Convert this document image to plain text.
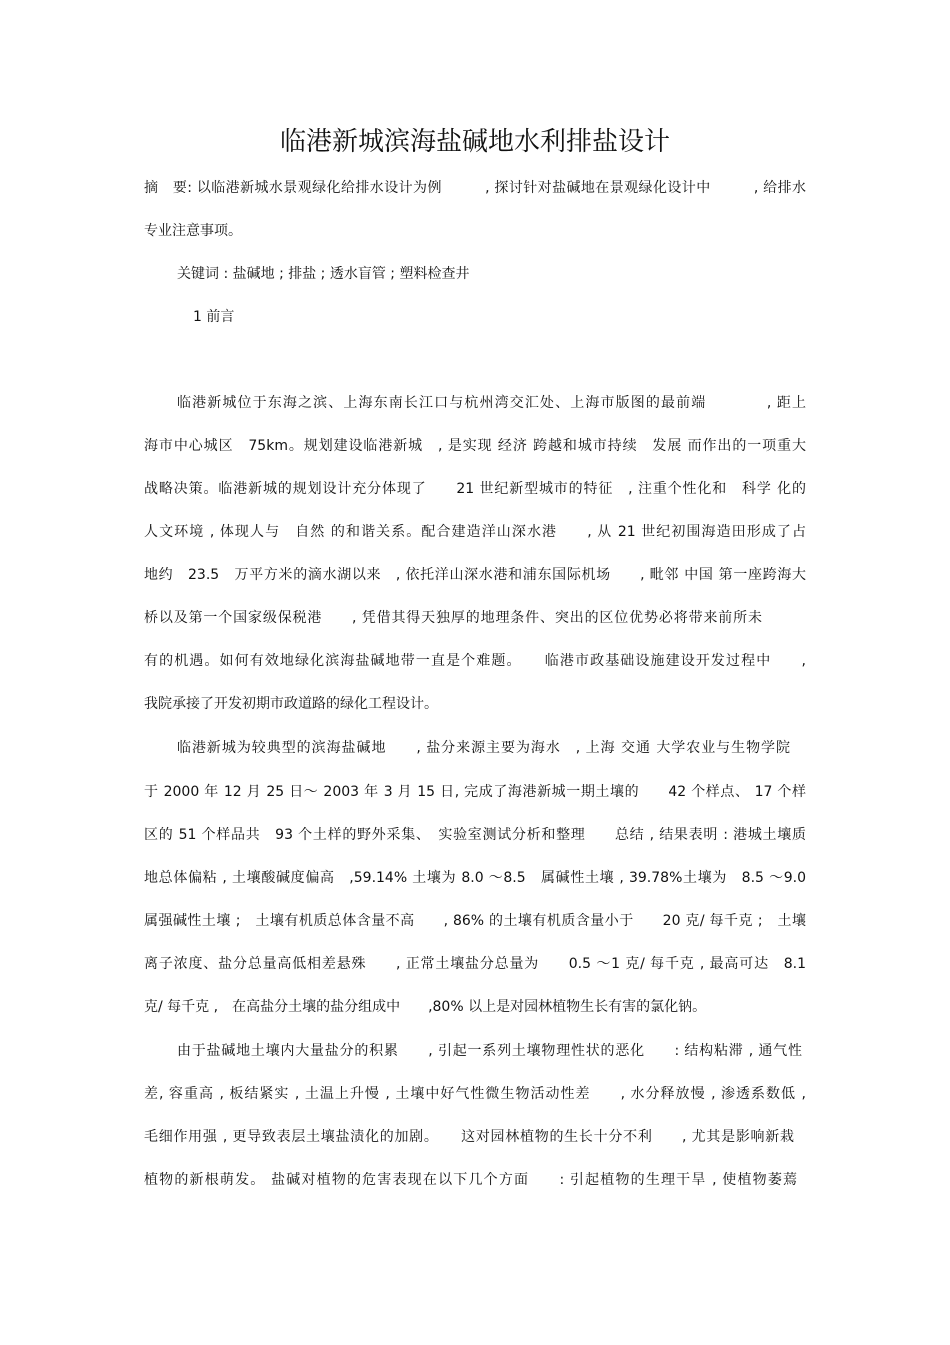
临港新城滨海盐碱地水利排盐设计
摘　要: 以临港新城水景观绿化给排水设计为例　　　, 探讨针对盐碱地在景观绿化设计中　　　, 给排水
专业注意事项。
关键词 : 盐碱地 ; 排盐 ; 透水盲管 ; 塑料检查井
1 前言
临港新城位于东海之滨、上海东南长江口与杭州湾交汇处、上海市版图的最前端　　　　, 距上
海市中心城区　75km。规划建设临港新城　, 是实现 经济 跨越和城市持续　发展 而作出的一项重大
战略决策。临港新城的规划设计充分体现了　　21 世纪新型城市的特征　, 注重个性化和　科学 化的
人文环境 , 体现人与　自然 的和谐关系。配合建造洋山深水港　　, 从 21 世纪初围海造田形成了占
地约　23.5　万平方米的滴水湖以来　, 依托洋山深水港和浦东国际机场　　, 毗邻 中国 第一座跨海大
桥以及第一个国家级保税港　　, 凭借其得天独厚的地理条件、突出的区位优势必将带来前所未
有的机遇。如何有效地绿化滨海盐碱地带一直是个难题。　　临港市政基础设施建设开发过程中　　,
我院承接了开发初期市政道路的绿化工程设计。
临港新城为较典型的滨海盐碱地　　, 盐分来源主要为海水　, 上海 交通 大学农业与生物学院
于 2000 年 12 月 25 日～ 2003 年 3 月 15 日, 完成了海港新城一期土壤的　　42 个样点、 17 个样
区的 51 个样品共　93 个土样的野外采集、　实验室测试分析和整理　　总结 , 结果表明 : 港城土壤质
地总体偏粘 , 土壤酸碱度偏高　,59.14% 土壤为 8.0 ～8.5　属碱性土壤 , 39.78%土壤为　8.5 ～9.0
属强碱性土壤 ;　土壤有机质总体含量不高　　, 86% 的土壤有机质含量小于　　20 克/ 每千克 ;　土壤
离子浓度、盐分总量高低相差悬殊　　, 正常土壤盐分总量为　　0.5 ～1 克/ 每千克 , 最高可达　8.1
克/ 每千克 ,　在高盐分土壤的盐分组成中　　,80% 以上是对园林植物生长有害的氯化钠。
由于盐碱地土壤内大量盐分的积累　　, 引起一系列土壤物理性状的恶化　　: 结构粘滞 , 通气性
差, 容重高 , 板结紧实 , 土温上升慢 , 土壤中好气性微生物活动性差　　, 水分释放慢 , 渗透系数低 ,
毛细作用强 , 更导致表层土壤盐渍化的加剧。　　这对园林植物的生长十分不利　　, 尤其是影响新栽
植物的新根萌发。 盐碱对植物的危害表现在以下几个方面　　: 引起植物的生理干旱 , 使植物萎蔫
